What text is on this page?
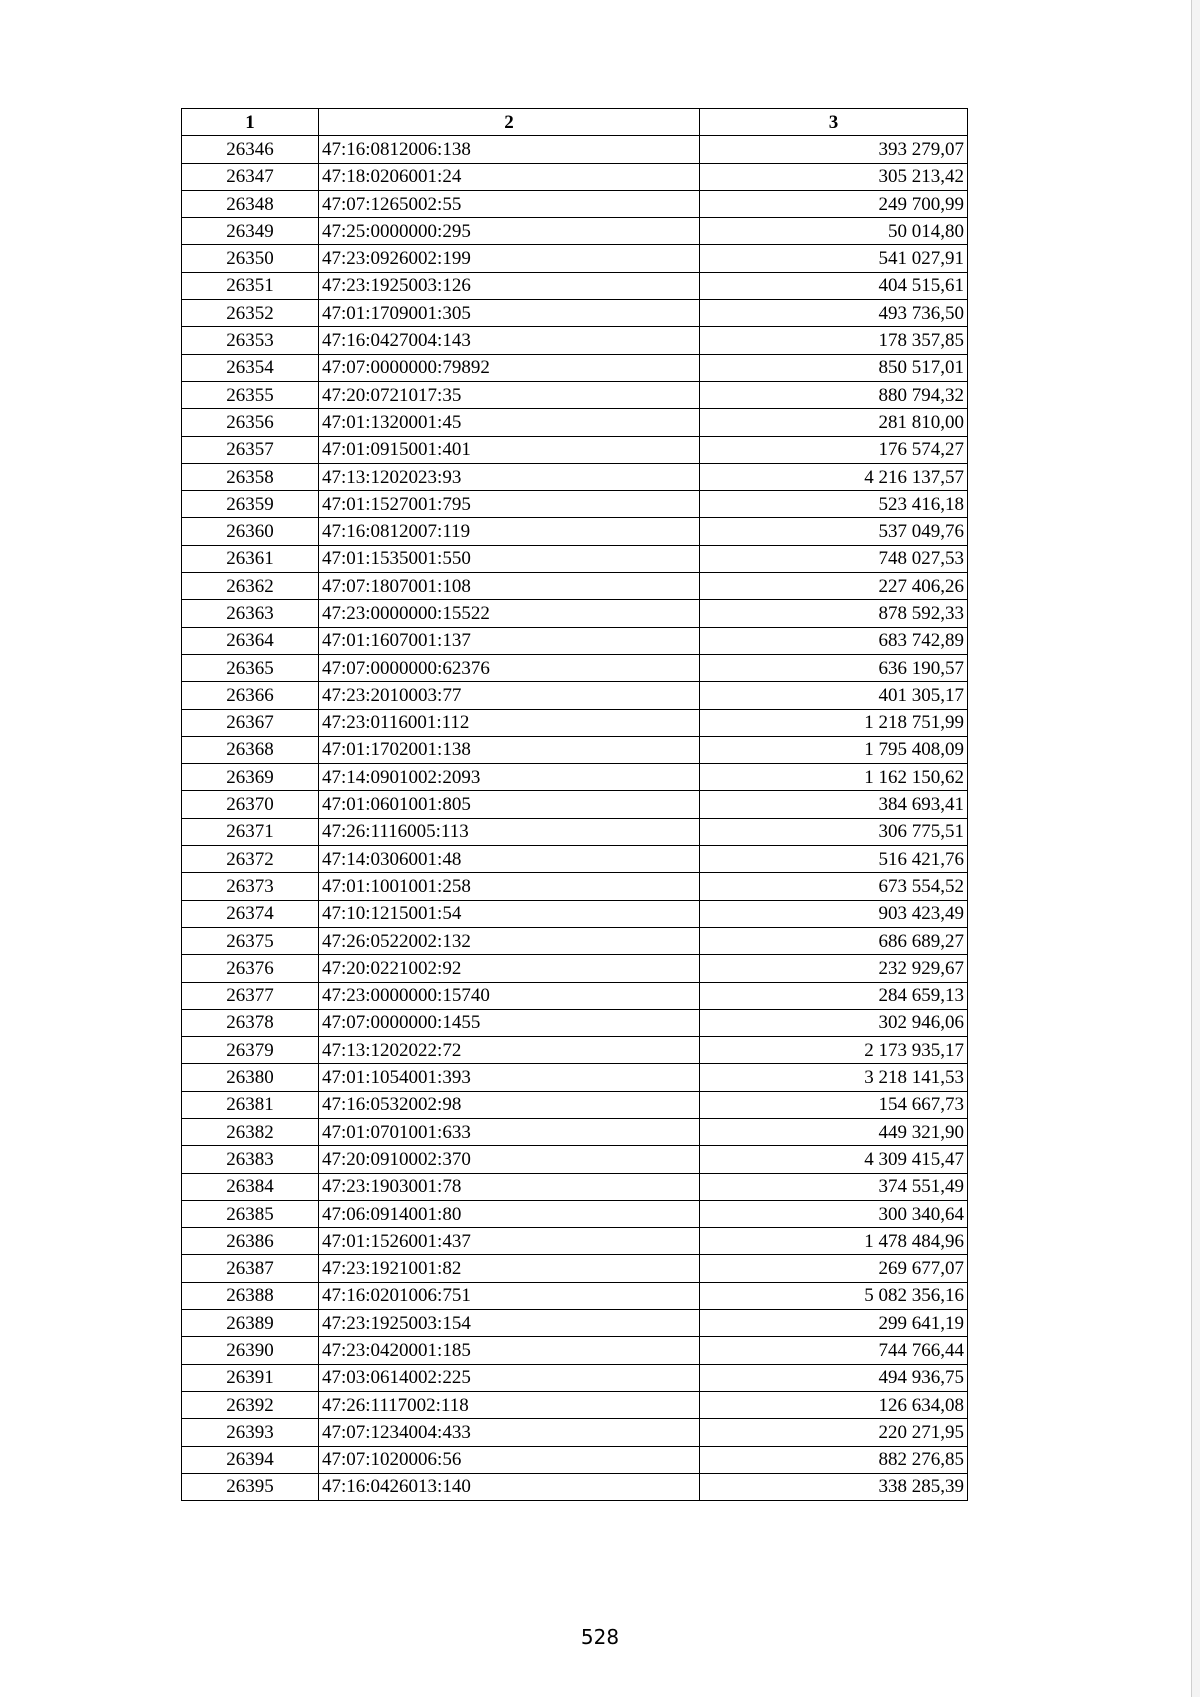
1	2	3
26346	47:16:0812006:138	393 279,07
26347	47:18:0206001:24	305 213,42
26348	47:07:1265002:55	249 700,99
26349	47:25:0000000:295	50 014,80
26350	47:23:0926002:199	541 027,91
26351	47:23:1925003:126	404 515,61
26352	47:01:1709001:305	493 736,50
26353	47:16:0427004:143	178 357,85
26354	47:07:0000000:79892	850 517,01
26355	47:20:0721017:35	880 794,32
26356	47:01:1320001:45	281 810,00
26357	47:01:0915001:401	176 574,27
26358	47:13:1202023:93	4 216 137,57
26359	47:01:1527001:795	523 416,18
26360	47:16:0812007:119	537 049,76
26361	47:01:1535001:550	748 027,53
26362	47:07:1807001:108	227 406,26
26363	47:23:0000000:15522	878 592,33
26364	47:01:1607001:137	683 742,89
26365	47:07:0000000:62376	636 190,57
26366	47:23:2010003:77	401 305,17
26367	47:23:0116001:112	1 218 751,99
26368	47:01:1702001:138	1 795 408,09
26369	47:14:0901002:2093	1 162 150,62
26370	47:01:0601001:805	384 693,41
26371	47:26:1116005:113	306 775,51
26372	47:14:0306001:48	516 421,76
26373	47:01:1001001:258	673 554,52
26374	47:10:1215001:54	903 423,49
26375	47:26:0522002:132	686 689,27
26376	47:20:0221002:92	232 929,67
26377	47:23:0000000:15740	284 659,13
26378	47:07:0000000:1455	302 946,06
26379	47:13:1202022:72	2 173 935,17
26380	47:01:1054001:393	3 218 141,53
26381	47:16:0532002:98	154 667,73
26382	47:01:0701001:633	449 321,90
26383	47:20:0910002:370	4 309 415,47
26384	47:23:1903001:78	374 551,49
26385	47:06:0914001:80	300 340,64
26386	47:01:1526001:437	1 478 484,96
26387	47:23:1921001:82	269 677,07
26388	47:16:0201006:751	5 082 356,16
26389	47:23:1925003:154	299 641,19
26390	47:23:0420001:185	744 766,44
26391	47:03:0614002:225	494 936,75
26392	47:26:1117002:118	126 634,08
26393	47:07:1234004:433	220 271,95
26394	47:07:1020006:56	882 276,85
26395	47:16:0426013:140	338 285,39
528
